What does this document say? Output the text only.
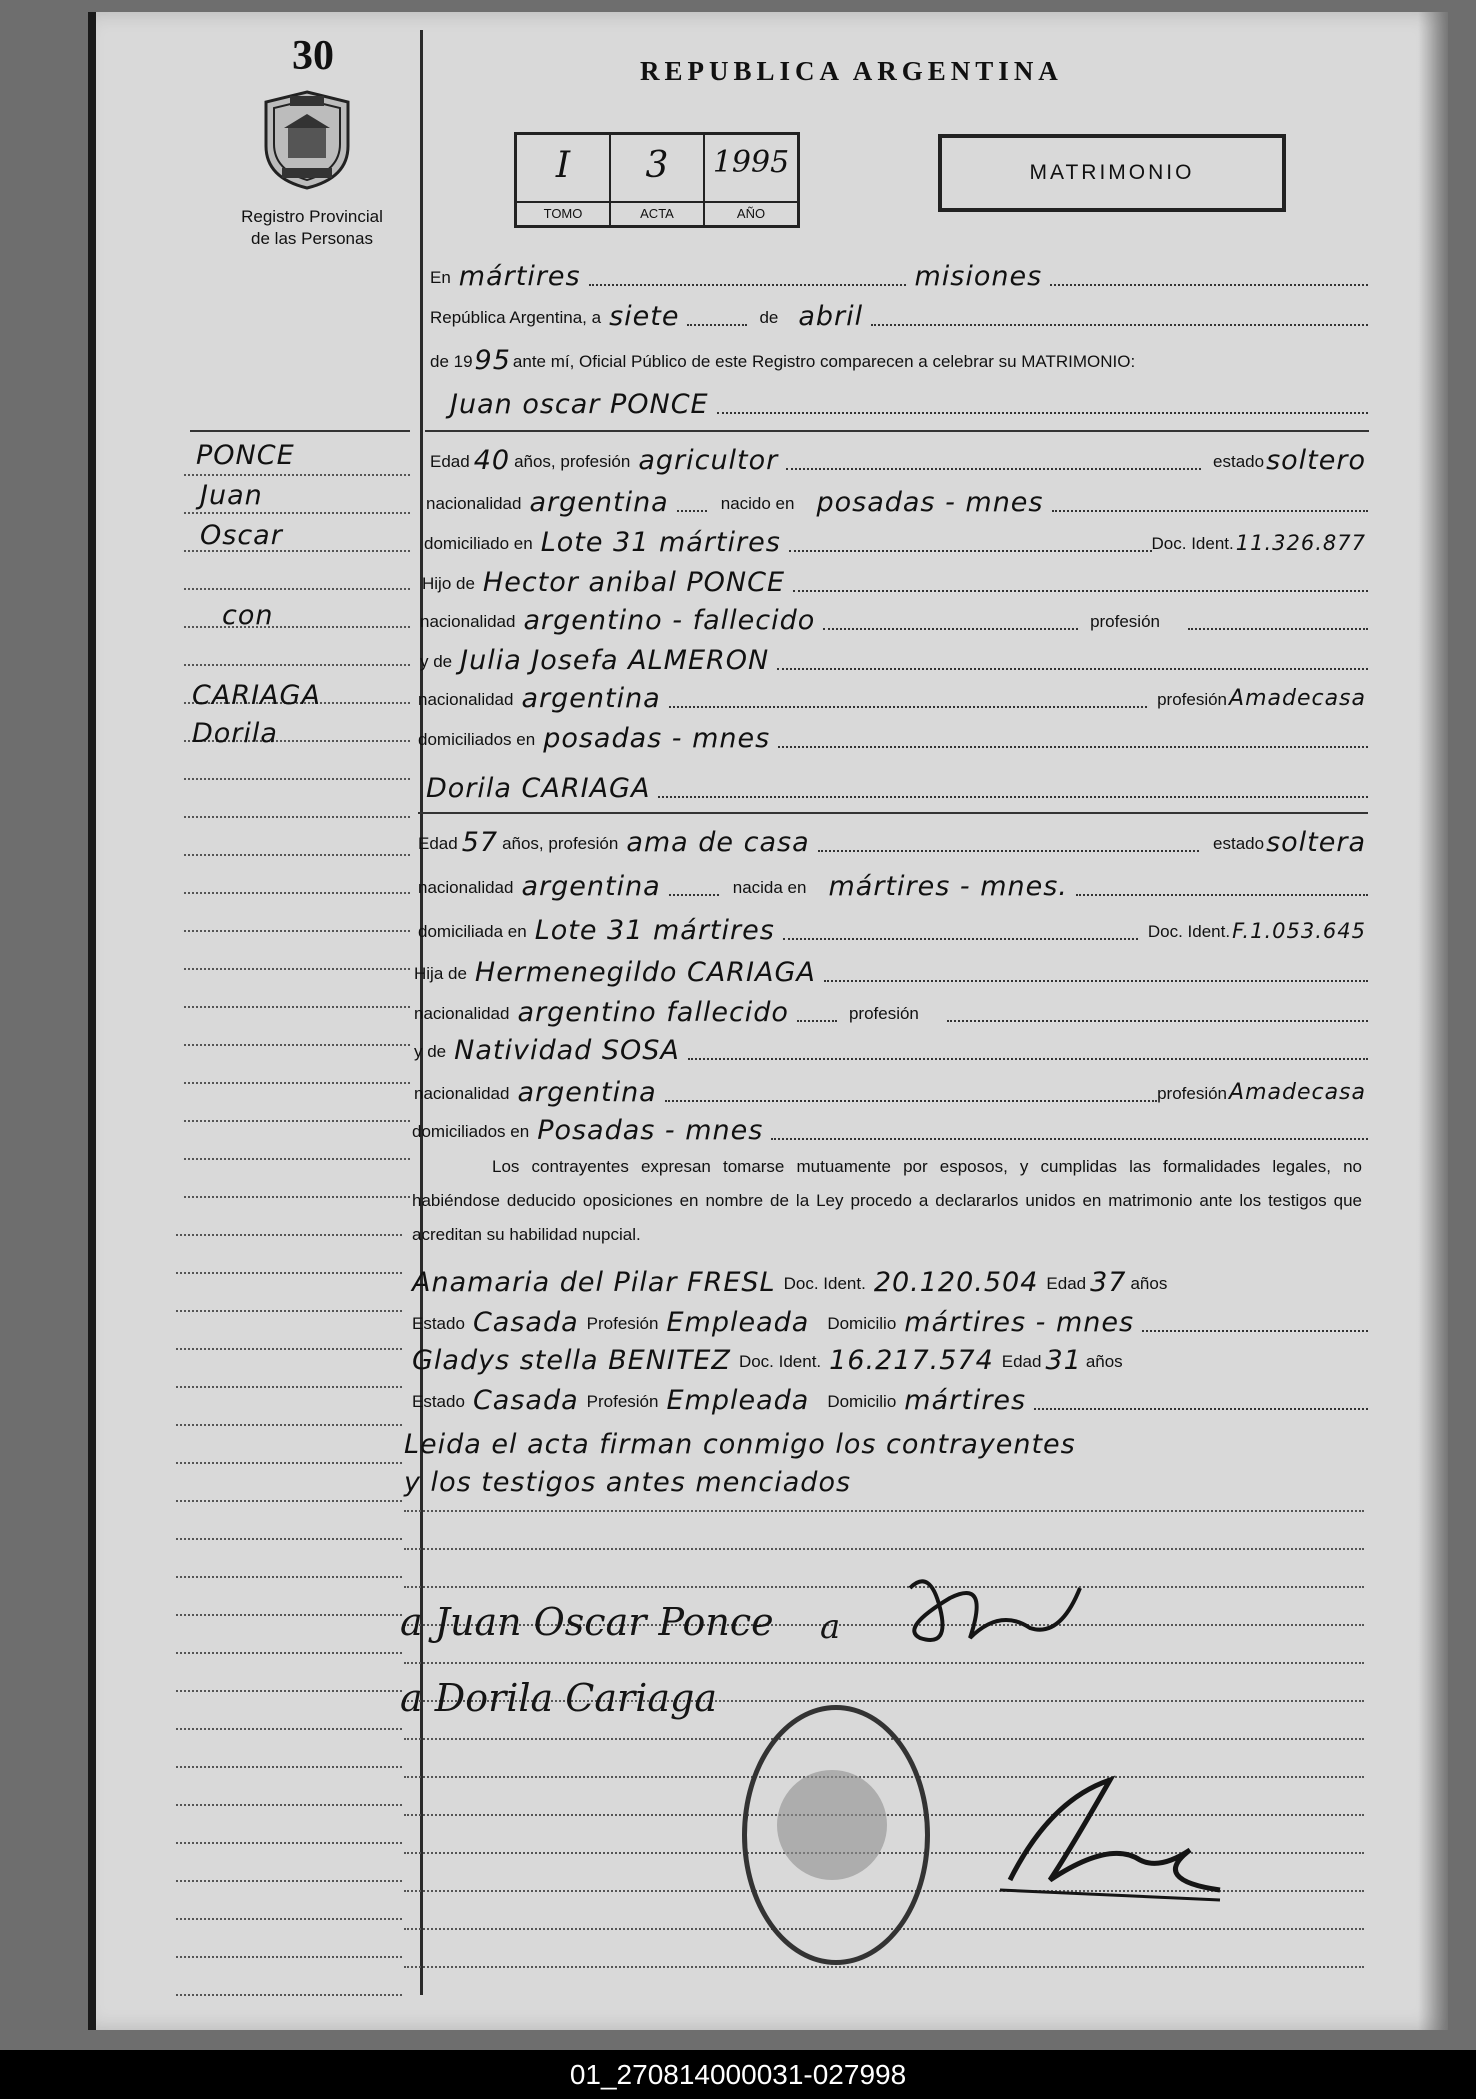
30
Registro Provincial de las Personas
REPUBLICA ARGENTINA
I
TOMO
3
ACTA
1995
AÑO
MATRIMONIO
En mártires	misiones
República Argentina, a siete	de abril
de 19 95 ante mí, Oficial Público de este Registro comparecen a celebrar su MATRIMONIO:
Juan oscar PONCE
Edad 40 años, profesión agricultor	estado soltero
nacionalidad argentina	nacido en posadas - mnes
domiciliado en Lote 31 mártires	Doc. Ident. 11.326.877
Hijo de Hector anibal PONCE
nacionalidad argentino - fallecido	profesión
y de Julia Josefa ALMERON
nacionalidad argentina	profesión Amadecasa
domiciliados en posadas - mnes
Dorila CARIAGA
Edad 57 años, profesión ama de casa	estado soltera
nacionalidad argentina	nacida en mártires - mnes.
domiciliada en Lote 31 mártires	Doc. Ident. F.1.053.645
Hija de Hermenegildo CARIAGA
nacionalidad argentino fallecido	profesión
y de Natividad SOSA
nacionalidad argentina	profesión Amadecasa
domiciliados en Posadas - mnes
Los contrayentes expresan tomarse mutuamente por esposos, y cumplidas las formalidades legales, no habiéndose deducido oposiciones en nombre de la Ley procedo a declararlos unidos en matrimonio ante los testigos que acreditan su habilidad nupcial.
Anamaria del Pilar FRESL Doc. Ident. 20.120.504 Edad 37 años
Estado Casada Profesión Empleada	Domicilio mártires - mnes
Gladys stella BENITEZ Doc. Ident. 16.217.574 Edad 31 años
Estado Casada Profesión Empleada	Domicilio mártires
Leida el acta firman conmigo los contrayentes
y los testigos antes menciados
PONCE
Juan
Oscar
con
CARIAGA
Dorila
a Juan Oscar Ponce a
a Dorila Cariaga
01_270814000031-027998
